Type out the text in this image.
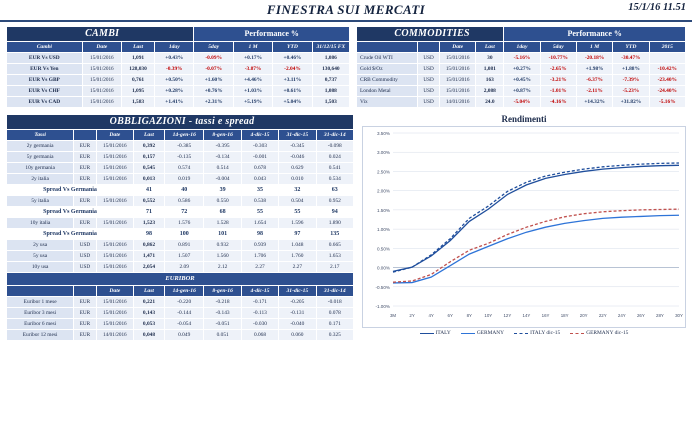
FINESTRA SUI MERCATI	15/1/16 11.51
CAMBI				Performance %			
Cambi	Date	Last	1day	5day	1 M	YTD	31/12/15 FX
EUR Vs USD	15/01/2016	1,091	+0.43%	-0.09%	+0.17%	+0.46%	1,086
EUR Vs Yen	15/01/2016	128,030	-0.39%	-0.07%	-3.87%	-2.04%	130,640
EUR Vs GBP	15/01/2016	0,761	+0.50%	+1.60%	+4.46%	+3.11%	0,737
EUR Vs CHF	15/01/2016	1,095	+0.28%	+0.76%	+1.03%	+0.61%	1,088
EUR Vs CAD	15/01/2016	1,583	+1.41%	+2.31%	+5.19%	+5.04%	1,503
COMMODITIES				Performance %				
		Date	Last	1day	5day	1 M	YTD	2015
Crude Oil WTI	USD	15/01/2016	30	-5.16%	-10.77%	-20.18%	-30.47%	
Gold $/Oz	USD	15/01/2016	1,081	+0.27%	-2.65%	+1.98%	+1.88%	-10.42%
CRB Commodity	USD	15/01/2016	163	+0.45%	-3.21%	-6.37%	-7.39%	-23.40%
London Metal	USD	15/01/2016	2,088	+0.87%	-1.01%	-2.11%	-5.23%	-24.40%
Vix	USD	14/01/2016	24.0	-5.04%	-4.16%	+14.32%	+31.82%	-5.16%
OBBLIGAZIONI - tassi e spread								
Tassi		Date	Last	14-gen-16	8-gen-16	4-dic-15	31-dic-15	31-dic-14
2y germania	EUR	15/01/2016	0,392	-0.385	-0.395	-0.303	-0.345	-0.098
5y germania	EUR	15/01/2016	0,157	-0.135	-0.134	-0.001	-0.046	0.024
10y germania	EUR	15/01/2016	0,545	0.574	0.514	0.678	0.629	0.541
2y italia	EUR	15/01/2016	0,013	0.019	-0.004	0.043	0.010	0.534
Spread Vs Germania			41	40	39	35	32	63
5y italia	EUR	15/01/2016	0,552	0.586	0.550	0.538	0.504	0.952
Spread Vs Germania			71	72	68	55	55	94
10y italia	EUR	15/01/2016	1,523	1.576	1.528	1.654	1.596	1.890
Spread Vs Germania			98	100	101	98	97	135
2y usa	USD	15/01/2016	0,862	0.891	0.932	0.939	1.048	0.665
5y usa	USD	15/01/2016	1,471	1.507	1.560	1.706	1.760	1.653
10y usa	USD	15/01/2016	2,054	2.09	2.12	2.27	2.27	2.17
EURIBOR								
		Date	Last	14-gen-16	8-gen-16	4-dic-15	31-dic-15	31-dic-14
Euribor 1 mese	EUR	15/01/2016	0,221	-0.220	-0.218	-0.171	-0.205	-0.018
Euribor 3 mesi	EUR	15/01/2016	0,143	-0.144	-0.143	-0.113	-0.131	0.078
Euribor 6 mesi	EUR	15/01/2016	0,053	-0.054	-0.051	-0.030	-0.040	0.171
Euribor 12 mesi	EUR	14/01/2016	0,048	0.049	0.051	0.068	0.060	0.325
Rendimenti
3.50%
3.00%
2.50%
2.00%
1.50%
1.00%
0.50%
0.00%
-0.50%
-1.00%
3M	2Y	4Y	6Y	8Y	10Y	12Y	14Y	16Y	18Y	20Y	22Y	24Y	26Y	28Y	30Y
ITALY	GERMANY	ITALY dic-15	GERMANY dic-15
